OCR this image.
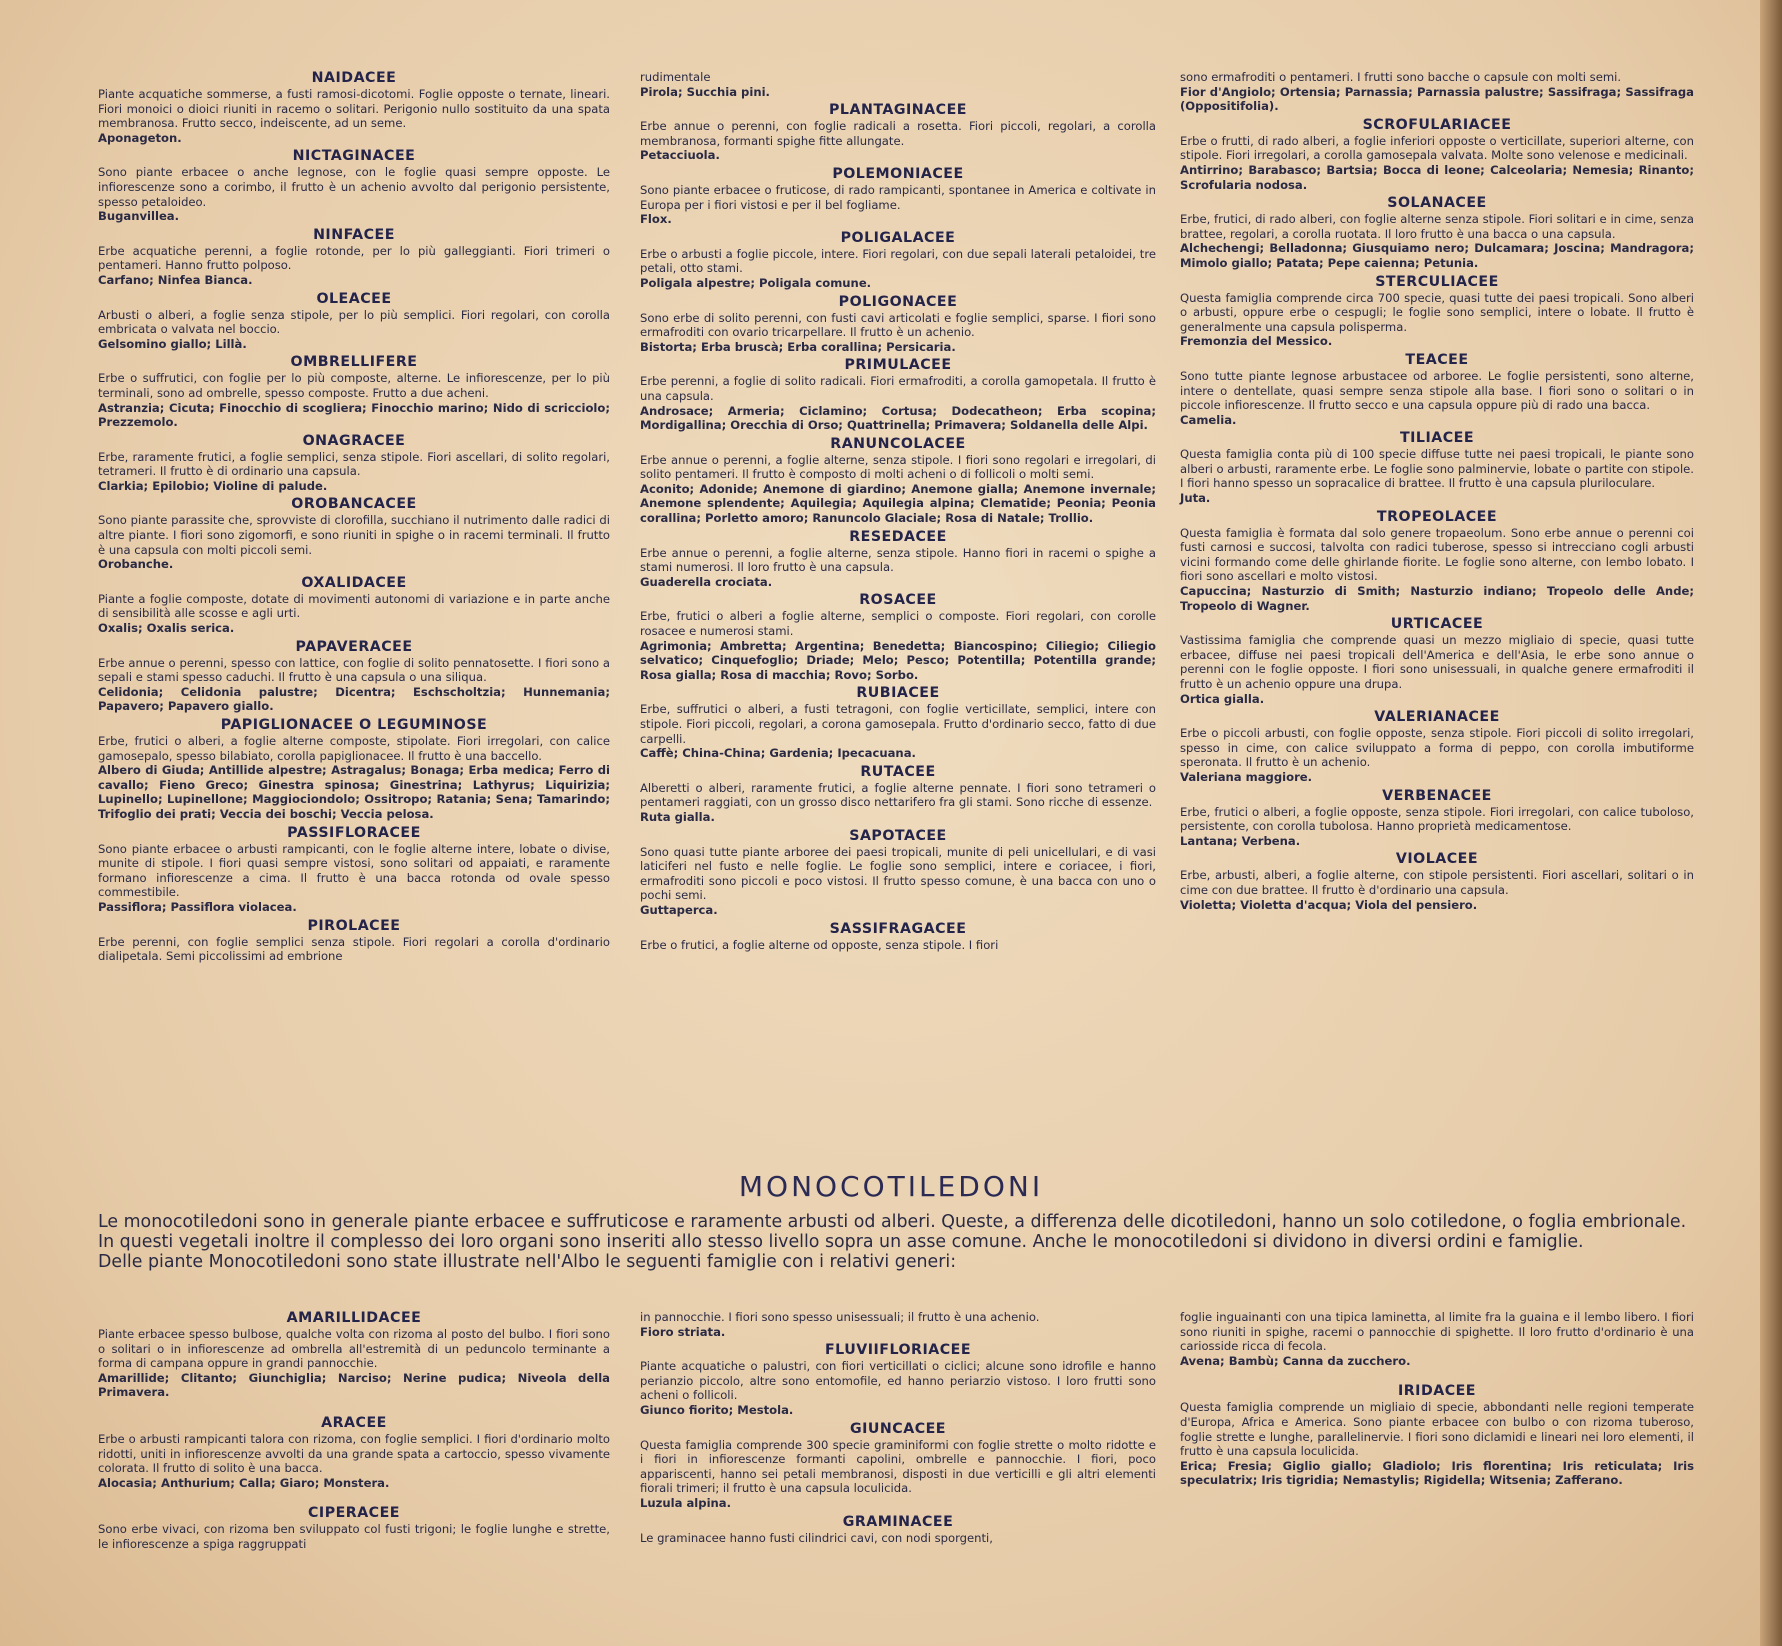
NAIDACEE

Piante acquatiche sommerse, a fusti ramosi-dicotomi. Foglie opposte o ternate, lineari. Fiori monoici o dioici riuniti in racemo o solitari. Perigonio nullo sostituito da una spata membranosa. Frutto secco, indeiscente, ad un seme.

Aponageton.

NICTAGINACEE

Sono piante erbacee o anche legnose, con le foglie quasi sempre opposte. Le infiorescenze sono a corimbo, il frutto è un achenio avvolto dal perigonio persistente, spesso petaloideo.

Buganvillea.

NINFACEE

Erbe acquatiche perenni, a foglie rotonde, per lo più galleggianti. Fiori trimeri o pentameri. Hanno frutto polposo.

Carfano; Ninfea Bianca.

OLEACEE

Arbusti o alberi, a foglie senza stipole, per lo più semplici. Fiori regolari, con corolla embricata o valvata nel boccio.

Gelsomino giallo; Lillà.

OMBRELLIFERE

Erbe o suffrutici, con foglie per lo più composte, alterne. Le infiorescenze, per lo più terminali, sono ad ombrelle, spesso composte. Frutto a due acheni.

Astranzia; Cicuta; Finocchio di scogliera; Finocchio marino; Nido di scricciolo; Prezzemolo.

ONAGRACEE

Erbe, raramente frutici, a foglie semplici, senza stipole. Fiori ascellari, di solito regolari, tetrameri. Il frutto è di ordinario una capsula.

Clarkia; Epilobio; Violine di palude.

OROBANCACEE

Sono piante parassite che, sprovviste di clorofilla, succhiano il nutrimento dalle radici di altre piante. I fiori sono zigomorfi, e sono riuniti in spighe o in racemi terminali. Il frutto è una capsula con molti piccoli semi.

Orobanche.

OXALIDACEE

Piante a foglie composte, dotate di movimenti autonomi di variazione e in parte anche di sensibilità alle scosse e agli urti.

Oxalis; Oxalis serica.

PAPAVERACEE

Erbe annue o perenni, spesso con lattice, con foglie di solito pennatosette. I fiori sono a sepali e stami spesso caduchi. Il frutto è una capsula o una siliqua.

Celidonia; Celidonia palustre; Dicentra; Eschscholtzia; Hunnemania; Papavero; Papavero giallo.

PAPIGLIONACEE O LEGUMINOSE

Erbe, frutici o alberi, a foglie alterne composte, stipolate. Fiori irregolari, con calice gamosepalo, spesso bilabiato, corolla papiglionacee. Il frutto è una baccello.

Albero di Giuda; Antillide alpestre; Astragalus; Bonaga; Erba medica; Ferro di cavallo; Fieno Greco; Ginestra spinosa; Ginestrina; Lathyrus; Liquirizia; Lupinello; Lupinellone; Maggiociondolo; Ossitropo; Ratania; Sena; Tamarindo; Trifoglio dei prati; Veccia dei boschi; Veccia pelosa.

PASSIFLORACEE

Sono piante erbacee o arbusti rampicanti, con le foglie alterne intere, lobate o divise, munite di stipole. I fiori quasi sempre vistosi, sono solitari od appaiati, e raramente formano infiorescenze a cima. Il frutto è una bacca rotonda od ovale spesso commestibile.

Passiflora; Passiflora violacea.

PIROLACEE

Erbe perenni, con foglie semplici senza stipole. Fiori regolari a corolla d'ordinario dialipetala. Semi piccolissimi ad embrione

rudimentale

Pirola; Succhia pini.

PLANTAGINACEE

Erbe annue o perenni, con foglie radicali a rosetta. Fiori piccoli, regolari, a corolla membranosa, formanti spighe fitte allungate.

Petacciuola.

POLEMONIACEE

Sono piante erbacee o fruticose, di rado rampicanti, spontanee in America e coltivate in Europa per i fiori vistosi e per il bel fogliame.

Flox.

POLIGALACEE

Erbe o arbusti a foglie piccole, intere. Fiori regolari, con due sepali laterali petaloidei, tre petali, otto stami.

Poligala alpestre; Poligala comune.

POLIGONACEE

Sono erbe di solito perenni, con fusti cavi articolati e foglie semplici, sparse. I fiori sono ermafroditi con ovario tricarpellare. Il frutto è un achenio.

Bistorta; Erba bruscà; Erba corallina; Persicaria.

PRIMULACEE

Erbe perenni, a foglie di solito radicali. Fiori ermafroditi, a corolla gamopetala. Il frutto è una capsula.

Androsace; Armeria; Ciclamino; Cortusa; Dodecatheon; Erba scopina; Mordigallina; Orecchia di Orso; Quattrinella; Primavera; Soldanella delle Alpi.

RANUNCOLACEE

Erbe annue o perenni, a foglie alterne, senza stipole. I fiori sono regolari e irregolari, di solito pentameri. Il frutto è composto di molti acheni o di follicoli o molti semi.

Aconito; Adonide; Anemone di giardino; Anemone gialla; Anemone invernale; Anemone splendente; Aquilegia; Aquilegia alpina; Clematide; Peonia; Peonia corallina; Porletto amoro; Ranuncolo Glaciale; Rosa di Natale; Trollio.

RESEDACEE

Erbe annue o perenni, a foglie alterne, senza stipole. Hanno fiori in racemi o spighe a stami numerosi. Il loro frutto è una capsula.

Guaderella crociata.

ROSACEE

Erbe, frutici o alberi a foglie alterne, semplici o composte. Fiori regolari, con corolle rosacee e numerosi stami.

Agrimonia; Ambretta; Argentina; Benedetta; Biancospino; Ciliegio; Ciliegio selvatico; Cinquefoglio; Driade; Melo; Pesco; Potentilla; Potentilla grande; Rosa gialla; Rosa di macchia; Rovo; Sorbo.

RUBIACEE

Erbe, suffrutici o alberi, a fusti tetragoni, con foglie verticillate, semplici, intere con stipole. Fiori piccoli, regolari, a corona gamosepala. Frutto d'ordinario secco, fatto di due carpelli.

Caffè; China-China; Gardenia; Ipecacuana.

RUTACEE

Alberetti o alberi, raramente frutici, a foglie alterne pennate. I fiori sono tetrameri o pentameri raggiati, con un grosso disco nettarifero fra gli stami. Sono ricche di essenze.

Ruta gialla.

SAPOTACEE

Sono quasi tutte piante arboree dei paesi tropicali, munite di peli unicellulari, e di vasi laticiferi nel fusto e nelle foglie. Le foglie sono semplici, intere e coriacee, i fiori, ermafroditi sono piccoli e poco vistosi. Il frutto spesso comune, è una bacca con uno o pochi semi.

Guttaperca.

SASSIFRAGACEE

Erbe o frutici, a foglie alterne od opposte, senza stipole. I fiori

sono ermafroditi o pentameri. I frutti sono bacche o capsule con molti semi.

Fior d'Angiolo; Ortensia; Parnassia; Parnassia palustre; Sassifraga; Sassifraga (Oppositifolia).

SCROFULARIACEE

Erbe o frutti, di rado alberi, a foglie inferiori opposte o verticillate, superiori alterne, con stipole. Fiori irregolari, a corolla gamosepala valvata. Molte sono velenose e medicinali.

Antirrino; Barabasco; Bartsia; Bocca di leone; Calceolaria; Nemesia; Rinanto; Scrofularia nodosa.

SOLANACEE

Erbe, frutici, di rado alberi, con foglie alterne senza stipole. Fiori solitari e in cime, senza brattee, regolari, a corolla ruotata. Il loro frutto è una bacca o una capsula.

Alchechengi; Belladonna; Giusquiamo nero; Dulcamara; Joscina; Mandragora; Mimolo giallo; Patata; Pepe caienna; Petunia.

STERCULIACEE

Questa famiglia comprende circa 700 specie, quasi tutte dei paesi tropicali. Sono alberi o arbusti, oppure erbe o cespugli; le foglie sono semplici, intere o lobate. Il frutto è generalmente una capsula polisperma.

Fremonzia del Messico.

TEACEE

Sono tutte piante legnose arbustacee od arboree. Le foglie persistenti, sono alterne, intere o dentellate, quasi sempre senza stipole alla base. I fiori sono o solitari o in piccole infiorescenze. Il frutto secco e una capsula oppure più di rado una bacca.

Camelia.

TILIACEE

Questa famiglia conta più di 100 specie diffuse tutte nei paesi tropicali, le piante sono alberi o arbusti, raramente erbe. Le foglie sono palminervie, lobate o partite con stipole. I fiori hanno spesso un sopracalice di brattee. Il frutto è una capsula pluriloculare.

Juta.

TROPEOLACEE

Questa famiglia è formata dal solo genere tropaeolum. Sono erbe annue o perenni coi fusti carnosi e succosi, talvolta con radici tuberose, spesso si intrecciano cogli arbusti vicini formando come delle ghirlande fiorite. Le foglie sono alterne, con lembo lobato. I fiori sono ascellari e molto vistosi.

Capuccina; Nasturzio di Smith; Nasturzio indiano; Tropeolo delle Ande; Tropeolo di Wagner.

URTICACEE

Vastissima famiglia che comprende quasi un mezzo migliaio di specie, quasi tutte erbacee, diffuse nei paesi tropicali dell'America e dell'Asia, le erbe sono annue o perenni con le foglie opposte. I fiori sono unisessuali, in qualche genere ermafroditi il frutto è un achenio oppure una drupa.

Ortica gialla.

VALERIANACEE

Erbe o piccoli arbusti, con foglie opposte, senza stipole. Fiori piccoli di solito irregolari, spesso in cime, con calice sviluppato a forma di peppo, con corolla imbutiforme speronata. Il frutto è un achenio.

Valeriana maggiore.

VERBENACEE

Erbe, frutici o alberi, a foglie opposte, senza stipole. Fiori irregolari, con calice tuboloso, persistente, con corolla tubolosa. Hanno proprietà medicamentose.

Lantana; Verbena.

VIOLACEE

Erbe, arbusti, alberi, a foglie alterne, con stipole persistenti. Fiori ascellari, solitari o in cime con due brattee. Il frutto è d'ordinario una capsula.

Violetta; Violetta d'acqua; Viola del pensiero.

MONOCOTILEDONI

Le monocotiledoni sono in generale piante erbacee e suffruticose e raramente arbusti od alberi. Queste, a differenza delle dicotiledoni, hanno un solo cotiledone, o foglia embrionale. In questi vegetali inoltre il complesso dei loro organi sono inseriti allo stesso livello sopra un asse comune. Anche le monocotiledoni si dividono in diversi ordini e famiglie.

Delle piante Monocotiledoni sono state illustrate nell'Albo le seguenti famiglie con i relativi generi:

AMARILLIDACEE

Piante erbacee spesso bulbose, qualche volta con rizoma al posto del bulbo. I fiori sono o solitari o in infiorescenze ad ombrella all'estremità di un peduncolo terminante a forma di campana oppure in grandi pannocchie.

Amarillide; Clitanto; Giunchiglia; Narciso; Nerine pudica; Niveola della Primavera.

ARACEE

Erbe o arbusti rampicanti talora con rizoma, con foglie semplici. I fiori d'ordinario molto ridotti, uniti in infiorescenze avvolti da una grande spata a cartoccio, spesso vivamente colorata. Il frutto di solito è una bacca.

Alocasia; Anthurium; Calla; Giaro; Monstera.

CIPERACEE

Sono erbe vivaci, con rizoma ben sviluppato col fusti trigoni; le foglie lunghe e strette, le infiorescenze a spiga raggruppati

in pannocchie. I fiori sono spesso unisessuali; il frutto è una achenio.

Fioro striata.

FLUVIIFLORIACEE

Piante acquatiche o palustri, con fiori verticillati o ciclici; alcune sono idrofile e hanno perianzio piccolo, altre sono entomofile, ed hanno periarzio vistoso. I loro frutti sono acheni o follicoli.

Giunco fiorito; Mestola.

GIUNCACEE

Questa famiglia comprende 300 specie graminiformi con foglie strette o molto ridotte e i fiori in infiorescenze formanti capolini, ombrelle e pannocchie. I fiori, poco appariscenti, hanno sei petali membranosi, disposti in due verticilli e gli altri elementi fiorali trimeri; il frutto è una capsula loculicida.

Luzula alpina.

GRAMINACEE

Le graminacee hanno fusti cilindrici cavi, con nodi sporgenti,

foglie inguainanti con una tipica laminetta, al limite fra la guaina e il lembo libero. I fiori sono riuniti in spighe, racemi o pannocchie di spighette. Il loro frutto d'ordinario è una cariosside ricca di fecola.

Avena; Bambù; Canna da zucchero.

IRIDACEE

Questa famiglia comprende un migliaio di specie, abbondanti nelle regioni temperate d'Europa, Africa e America. Sono piante erbacee con bulbo o con rizoma tuberoso, foglie strette e lunghe, parallelinervie. I fiori sono diclamidi e lineari nei loro elementi, il frutto è una capsula loculicida.

Erica; Fresia; Giglio giallo; Gladiolo; Iris florentina; Iris reticulata; Iris speculatrix; Iris tigridia; Nemastylis; Rigidella; Witsenia; Zafferano.
